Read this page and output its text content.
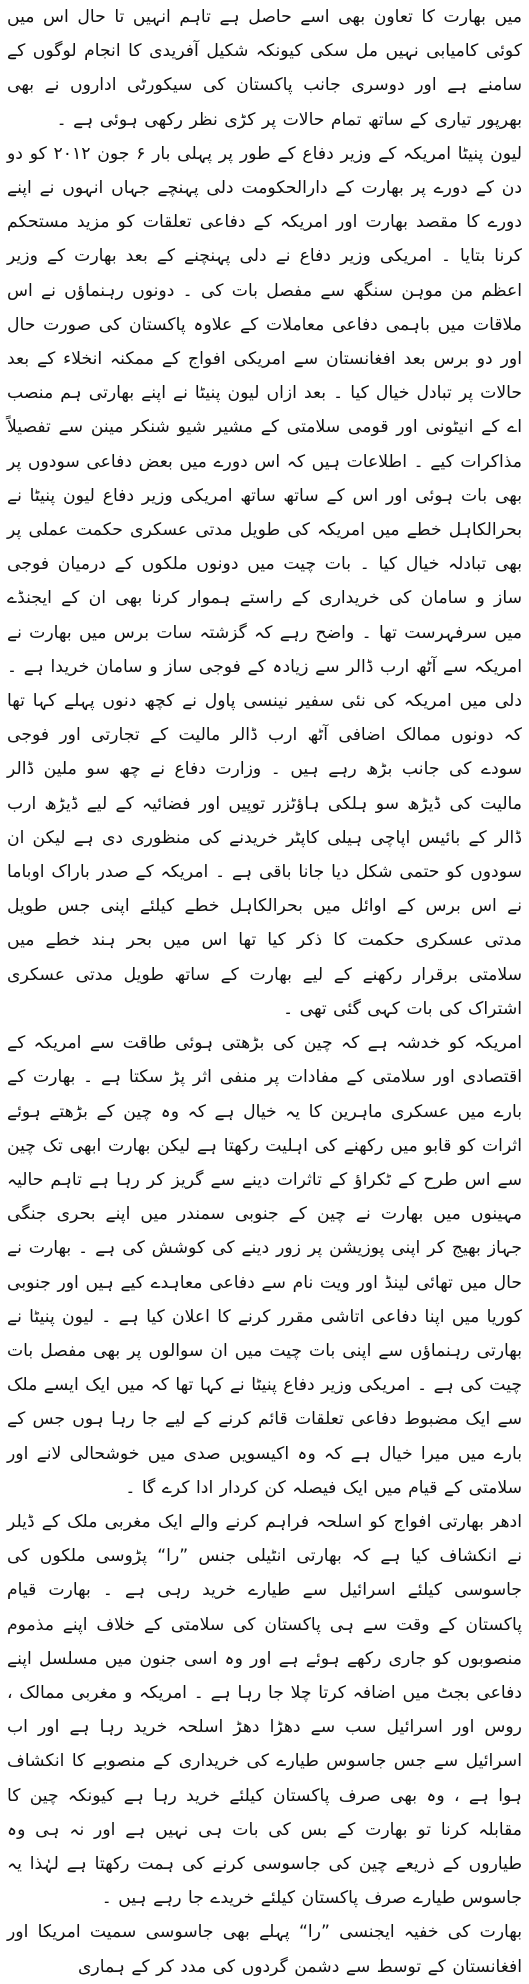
میں بھارت کا تعاون بھی اسے حاصل ہے تاہم انہیں تا حال اس میں کوئی کامیابی نہیں مل سکی کیونکہ شکیل آفریدی کا انجام لوگوں کے سامنے ہے اور دوسری جانب پاکستان کی سیکورٹی اداروں نے بھی بھرپور تیاری کے ساتھ تمام حالات پر کڑی نظر رکھی ہوئی ہے ۔

لیون پنیٹا امریکہ کے وزیر دفاع کے طور پر پہلی بار ۶ جون ۲۰۱۲ کو دو دن کے دورے پر بھارت کے دارالحکومت دلی پہنچے جہاں انہوں نے اپنے دورے کا مقصد بھارت اور امریکہ کے دفاعی تعلقات کو مزید مستحکم کرنا بتایا ۔ امریکی وزیر دفاع نے دلی پہنچنے کے بعد بھارت کے وزیر اعظم من موہن سنگھ سے مفصل بات کی ۔ دونوں رہنماؤں نے اس ملاقات میں باہمی دفاعی معاملات کے علاوہ پاکستان کی صورت حال اور دو برس بعد افغانستان سے امریکی افواج کے ممکنہ انخلاء کے بعد حالات پر تبادل خیال کیا ۔ بعد ازاں لیون پنیٹا نے اپنے بھارتی ہم منصب اے کے انیٹونی اور قومی سلامتی کے مشیر شیو شنکر مینن سے تفصیلاً مذاکرات کیے ۔ اطلاعات ہیں کہ اس دورے میں بعض دفاعی سودوں پر بھی بات ہوئی اور اس کے ساتھ ساتھ امریکی وزیر دفاع لیون پنیٹا نے بحرالکاہل خطے میں امریکہ کی طویل مدتی عسکری حکمت عملی پر بھی تبادلہ خیال کیا ۔ بات چیت میں دونوں ملکوں کے درمیان فوجی ساز و سامان کی خریداری کے راستے ہموار کرنا بھی ان کے ایجنڈے میں سرفہرست تھا ۔ واضح رہے کہ گزشتہ سات برس میں بھارت نے امریکہ سے آٹھ ارب ڈالر سے زیادہ کے فوجی ساز و سامان خریدا ہے ۔ دلی میں امریکہ کی نئی سفیر نینسی پاول نے کچھ دنوں پہلے کہا تھا کہ دونوں ممالک اضافی آٹھ ارب ڈالر مالیت کے تجارتی اور فوجی سودے کی جانب بڑھ رہے ہیں ۔ وزارت دفاع نے چھ سو ملین ڈالر مالیت کی ڈیڑھ سو ہلکی ہاؤٹزر توپیں اور فضائیہ کے لیے ڈیڑھ ارب ڈالر کے بائیس اپاچی ہیلی کاپٹر خریدنے کی منظوری دی ہے لیکن ان سودوں کو حتمی شکل دیا جانا باقی ہے ۔ امریکہ کے صدر باراک اوباما نے اس برس کے اوائل میں بحرالکاہل خطے کیلئے اپنی جس طویل مدتی عسکری حکمت کا ذکر کیا تھا اس میں بحر ہند خطے میں سلامتی برقرار رکھنے کے لیے بھارت کے ساتھ طویل مدتی عسکری اشتراک کی بات کہی گئی تھی ۔

امریکہ کو خدشہ ہے کہ چین کی بڑھتی ہوئی طاقت سے امریکہ کے اقتصادی اور سلامتی کے مفادات پر منفی اثر پڑ سکتا ہے ۔ بھارت کے بارے میں عسکری ماہرین کا یہ خیال ہے کہ وہ چین کے بڑھتے ہوئے اثرات کو قابو میں رکھنے کی اہلیت رکھتا ہے لیکن بھارت ابھی تک چین سے اس طرح کے ٹکراؤ کے تاثرات دینے سے گریز کر رہا ہے تاہم حالیہ مہینوں میں بھارت نے چین کے جنوبی سمندر میں اپنے بحری جنگی جہاز بھیج کر اپنی پوزیشن پر زور دینے کی کوشش کی ہے ۔ بھارت نے حال میں تھائی لینڈ اور ویت نام سے دفاعی معاہدے کیے ہیں اور جنوبی کوریا میں اپنا دفاعی اتاشی مقرر کرنے کا اعلان کیا ہے ۔ لیون پنیٹا نے بھارتی رہنماؤں سے اپنی بات چیت میں ان سوالوں پر بھی مفصل بات چیت کی ہے ۔ امریکی وزیر دفاع پنیٹا نے کہا تھا کہ میں ایک ایسے ملک سے ایک مضبوط دفاعی تعلقات قائم کرنے کے لیے جا رہا ہوں جس کے بارے میں میرا خیال ہے کہ وہ اکیسویں صدی میں خوشحالی لانے اور سلامتی کے قیام میں ایک فیصلہ کن کردار ادا کرے گا ۔

ادھر بھارتی افواج کو اسلحہ فراہم کرنے والے ایک مغربی ملک کے ڈیلر نے انکشاف کیا ہے کہ بھارتی انٹیلی جنس ”را“ پڑوسی ملکوں کی جاسوسی کیلئے اسرائیل سے طیارے خرید رہی ہے ۔ بھارت قیام پاکستان کے وقت سے ہی پاکستان کی سلامتی کے خلاف اپنے مذموم منصوبوں کو جاری رکھے ہوئے ہے اور وہ اسی جنون میں مسلسل اپنے دفاعی بجٹ میں اضافہ کرتا چلا جا رہا ہے ۔ امریکہ و مغربی ممالک ، روس اور اسرائیل سب سے دھڑا دھڑ اسلحہ خرید رہا ہے اور اب اسرائیل سے جس جاسوس طیارے کی خریداری کے منصوبے کا انکشاف ہوا ہے ، وہ بھی صرف پاکستان کیلئے خرید رہا ہے کیونکہ چین کا مقابلہ کرنا تو بھارت کے بس کی بات ہی نہیں ہے اور نہ ہی وہ طیاروں کے ذریعے چین کی جاسوسی کرنے کی ہمت رکھتا ہے لہٰذا یہ جاسوس طیارے صرف پاکستان کیلئے خریدے جا رہے ہیں ۔

بھارت کی خفیہ ایجنسی ”را“ پہلے بھی جاسوسی سمیت امریکا اور افغانستان کے توسط سے دشمن گردوں کی مدد کر کے ہماری
